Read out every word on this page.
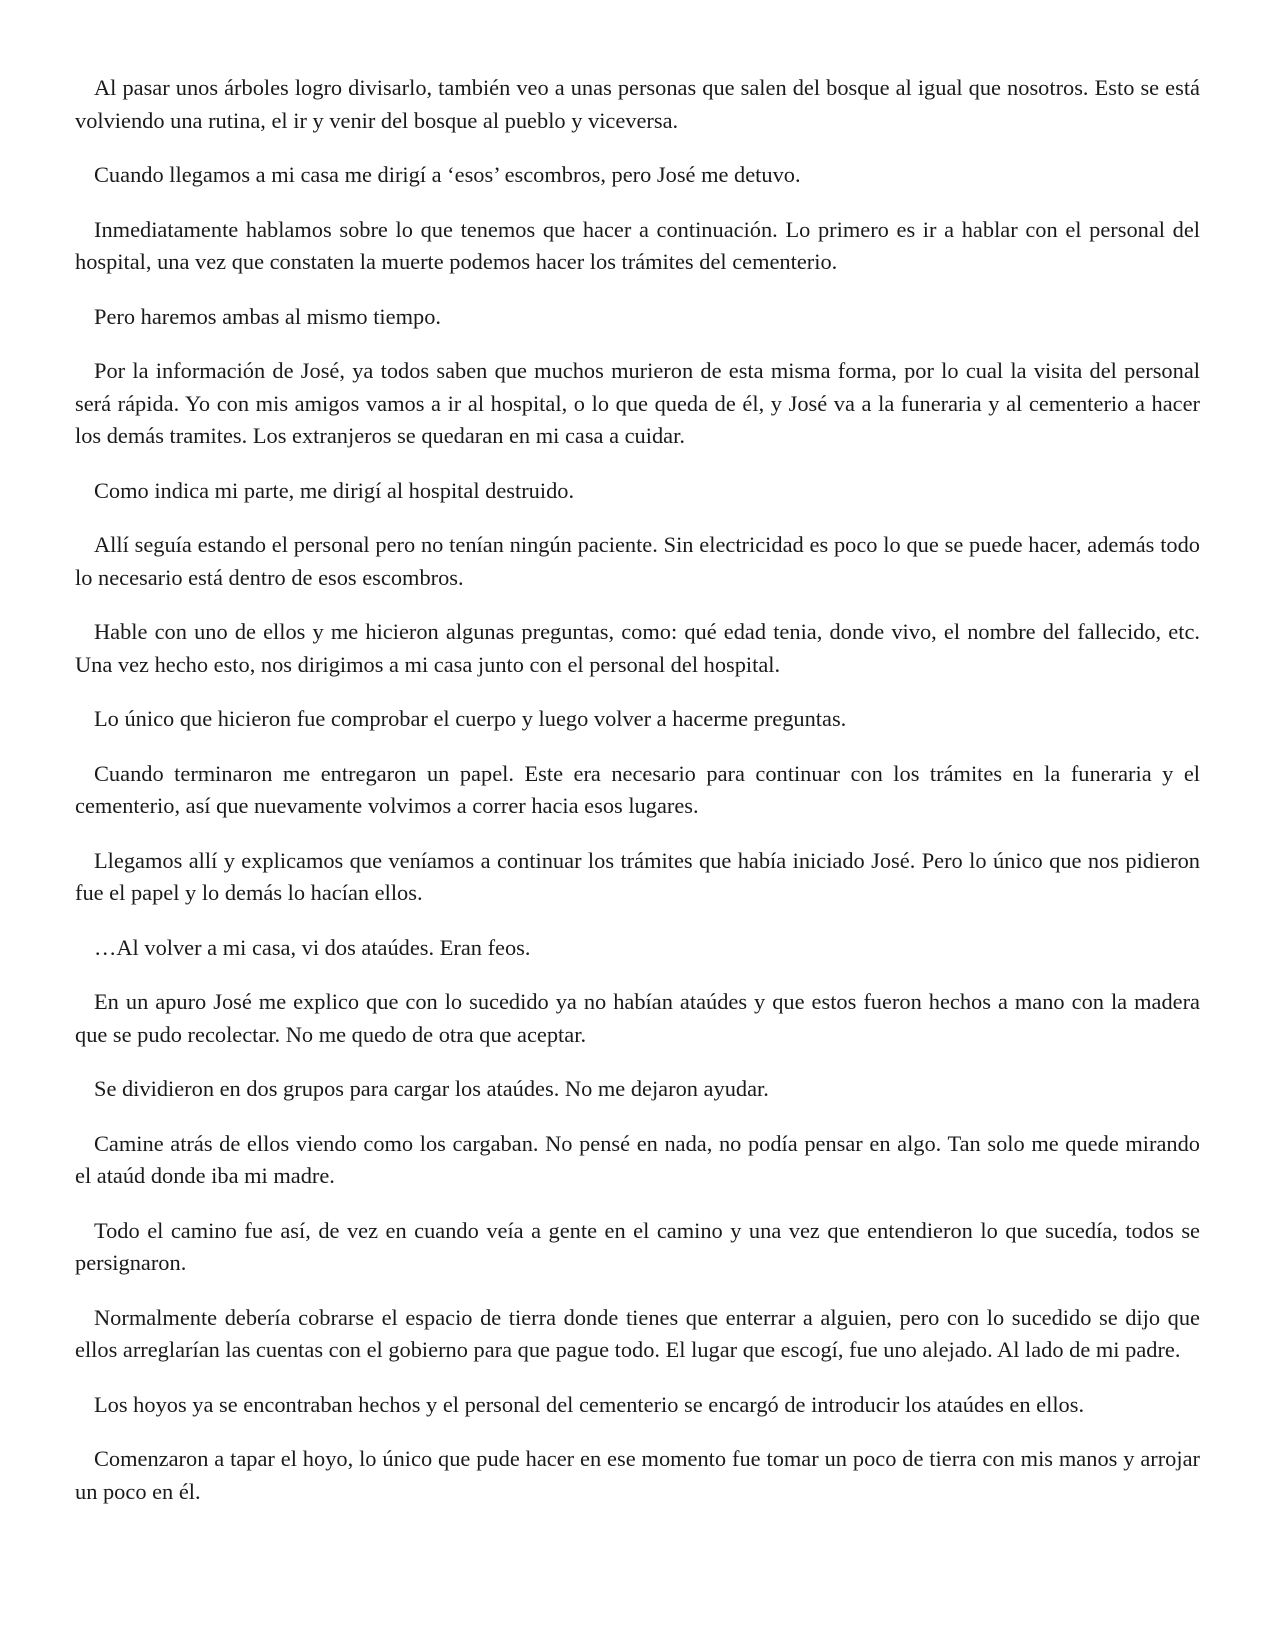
Al pasar unos árboles logro divisarlo, también veo a unas personas que salen del bosque al igual que nosotros. Esto se está volviendo una rutina, el ir y venir del bosque al pueblo y viceversa.

Cuando llegamos a mi casa me dirigí a ‘esos’ escombros, pero José me detuvo.

Inmediatamente hablamos sobre lo que tenemos que hacer a continuación. Lo primero es ir a hablar con el personal del hospital, una vez que constaten la muerte podemos hacer los trámites del cementerio.

Pero haremos ambas al mismo tiempo.

Por la información de José, ya todos saben que muchos murieron de esta misma forma, por lo cual la visita del personal será rápida. Yo con mis amigos vamos a ir al hospital, o lo que queda de él, y José va a la funeraria y al cementerio a hacer los demás tramites. Los extranjeros se quedaran en mi casa a cuidar.

Como indica mi parte, me dirigí al hospital destruido.

Allí seguía estando el personal pero no tenían ningún paciente. Sin electricidad es poco lo que se puede hacer, además todo lo necesario está dentro de esos escombros.

Hable con uno de ellos y me hicieron algunas preguntas, como: qué edad tenia, donde vivo, el nombre del fallecido, etc. Una vez hecho esto, nos dirigimos a mi casa junto con el personal del hospital.

Lo único que hicieron fue comprobar el cuerpo y luego volver a hacerme preguntas.

Cuando terminaron me entregaron un papel. Este era necesario para continuar con los trámites en la funeraria y el cementerio, así que nuevamente volvimos a correr hacia esos lugares.

Llegamos allí y explicamos que veníamos a continuar los trámites que había iniciado José. Pero lo único que nos pidieron fue el papel y lo demás lo hacían ellos.

…Al volver a mi casa, vi dos ataúdes. Eran feos.

En un apuro José me explico que con lo sucedido ya no habían ataúdes y que estos fueron hechos a mano con la madera que se pudo recolectar. No me quedo de otra que aceptar.

Se dividieron en dos grupos para cargar los ataúdes. No me dejaron ayudar.

Camine atrás de ellos viendo como los cargaban. No pensé en nada, no podía pensar en algo. Tan solo me quede mirando el ataúd donde iba mi madre.

Todo el camino fue así, de vez en cuando veía a gente en el camino y una vez que entendieron lo que sucedía, todos se persignaron.

Normalmente debería cobrarse el espacio de tierra donde tienes que enterrar a alguien, pero con lo sucedido se dijo que ellos arreglarían las cuentas con el gobierno para que pague todo. El lugar que escogí, fue uno alejado. Al lado de mi padre.

Los hoyos ya se encontraban hechos y el personal del cementerio se encargó de introducir los ataúdes en ellos.

Comenzaron a tapar el hoyo, lo único que pude hacer en ese momento fue tomar un poco de tierra con mis manos y arrojar un poco en él.
